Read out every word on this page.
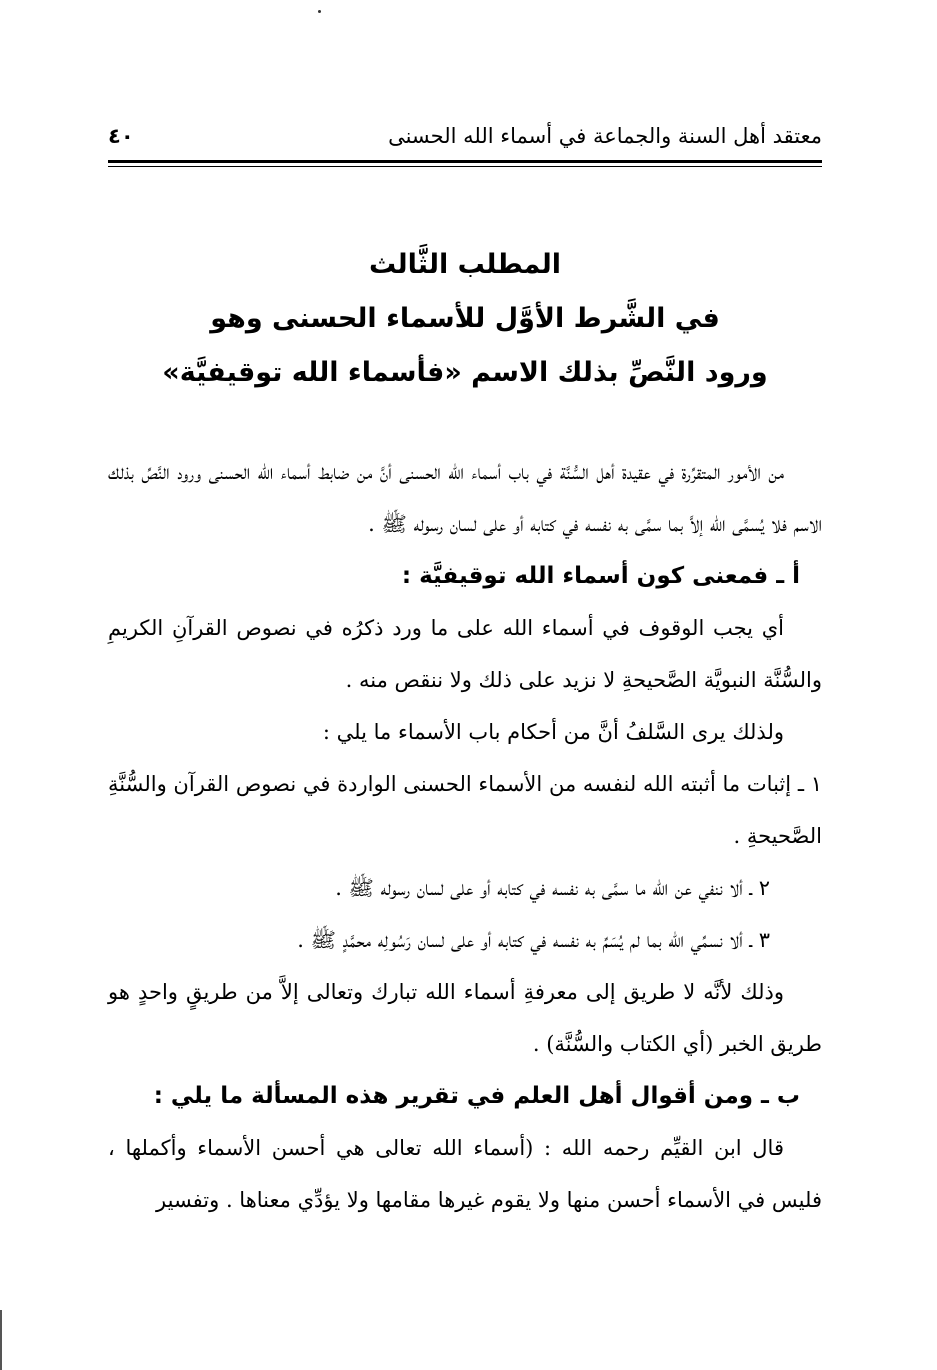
معتقد أهل السنة والجماعة في أسماء الله الحسنى
٤٠
المطلب الثَّالث
في الشَّرط الأوَّل للأسماء الحسنى وهو
ورود النَّصِّ بذلك الاسم «فأسماء الله توقيفيَّة»
من الأمور المتقرِّرة في عقيدة أهل السُّنَّة في باب أسماء الله الحسنى أنَّ من ضابط أسماء الله الحسنى ورود النَّصِّ بذلك الاسم فلا يُسمَّى الله إلاَّ بما سمَّى به نفسه في كتابه أو على لسان رسوله ﷺ .
أ ـ فمعنى كون أسماء الله توقيفيَّة :
أي يجب الوقوف في أسماء الله على ما ورد ذكرُه في نصوص القرآنِ الكريمِ والسُّنَّة النبويَّة الصَّحيحةِ لا نزيد على ذلك ولا ننقص منه .
ولذلك يرى السَّلفُ أنَّ من أحكام باب الأسماء ما يلي :
١ ـ إثبات ما أثبته الله لنفسه من الأسماء الحسنى الواردة في نصوص القرآن والسُّنَّةِ الصَّحيحةِ .
٢ ـ ألا ننفي عن الله ما سمَّى به نفسه في كتابه أو على لسان رسوله ﷺ .
٣ ـ ألا نسمِّي الله بما لم يُسَمِّ به نفسه في كتابه أو على لسان رَسُولِه محمَّدٍ ﷺ .
وذلك لأنَّه لا طريق إلى معرفةِ أسماء الله تبارك وتعالى إلاَّ من طريقٍ واحدٍ هو طريق الخبر (أي الكتاب والسُّنَّة) .
ب ـ ومن أقوال أهل العلم في تقرير هذه المسألة ما يلي :
قال ابن القيِّم رحمه الله : (أسماء الله تعالى هي أحسن الأسماء وأكملها ، فليس في الأسماء أحسن منها ولا يقوم غيرها مقامها ولا يؤدِّي معناها . وتفسير
